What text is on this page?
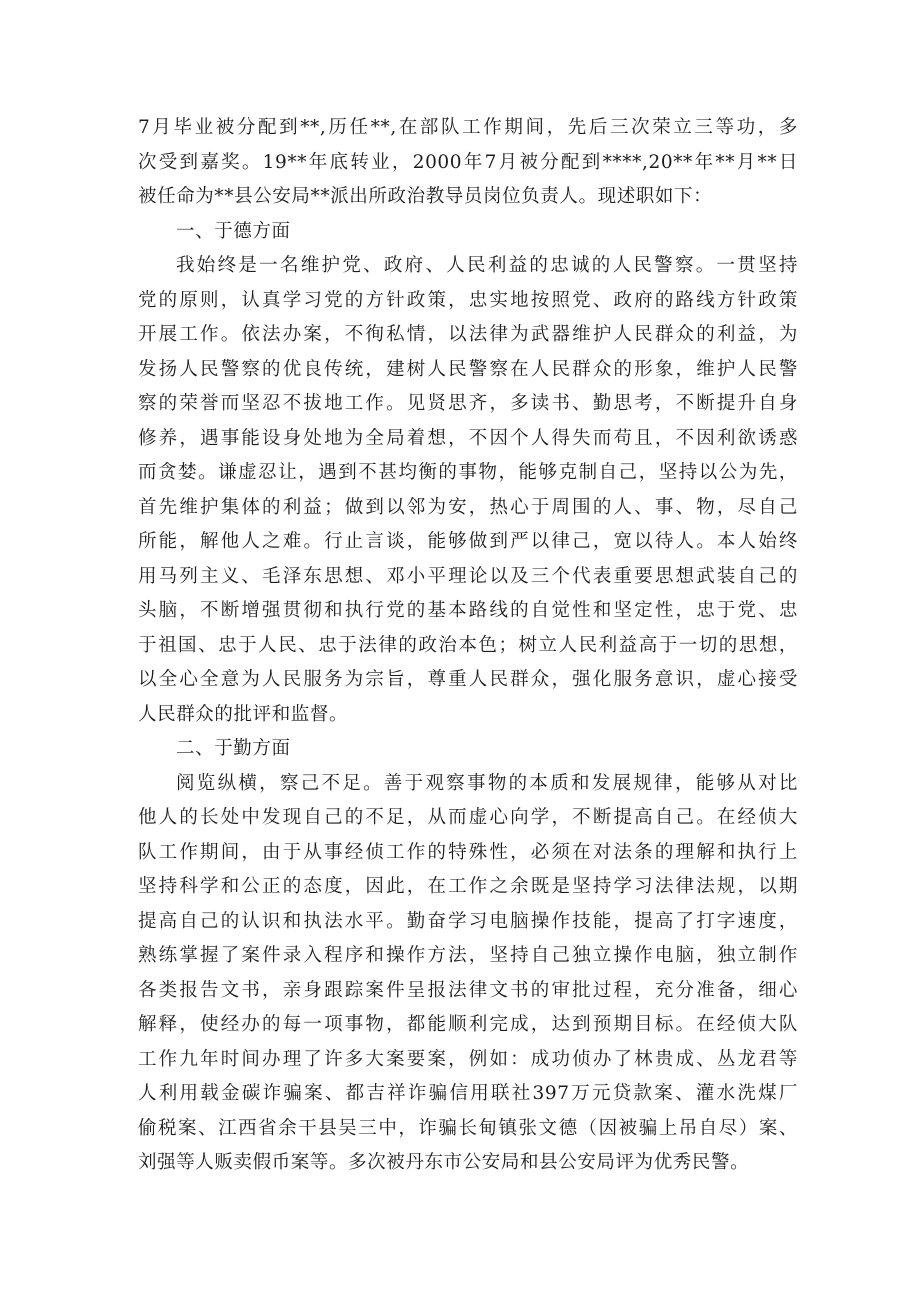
7月毕业被分配到**,历任**,在部队工作期间，先后三次荣立三等功，多
次受到嘉奖。19**年底转业，2000年7月被分配到****,20**年**月**日
被任命为**县公安局**派出所政治教导员岗位负责人。现述职如下：
一、于德方面
我始终是一名维护党、政府、人民利益的忠诚的人民警察。一贯坚持
党的原则，认真学习党的方针政策，忠实地按照党、政府的路线方针政策
开展工作。依法办案，不徇私情，以法律为武器维护人民群众的利益，为
发扬人民警察的优良传统，建树人民警察在人民群众的形象，维护人民警
察的荣誉而坚忍不拔地工作。见贤思齐，多读书、勤思考，不断提升自身
修养，遇事能设身处地为全局着想，不因个人得失而苟且，不因利欲诱惑
而贪婪。谦虚忍让，遇到不甚均衡的事物，能够克制自己，坚持以公为先，
首先维护集体的利益；做到以邻为安，热心于周围的人、事、物，尽自己
所能，解他人之难。行止言谈，能够做到严以律己，宽以待人。本人始终
用马列主义、毛泽东思想、邓小平理论以及三个代表重要思想武装自己的
头脑，不断增强贯彻和执行党的基本路线的自觉性和坚定性，忠于党、忠
于祖国、忠于人民、忠于法律的政治本色；树立人民利益高于一切的思想，
以全心全意为人民服务为宗旨，尊重人民群众，强化服务意识，虚心接受
人民群众的批评和监督。
二、于勤方面
阅览纵横，察己不足。善于观察事物的本质和发展规律，能够从对比
他人的长处中发现自己的不足，从而虚心向学，不断提高自己。在经侦大
队工作期间，由于从事经侦工作的特殊性，必须在对法条的理解和执行上
坚持科学和公正的态度，因此，在工作之余既是坚持学习法律法规，以期
提高自己的认识和执法水平。勤奋学习电脑操作技能，提高了打字速度，
熟练掌握了案件录入程序和操作方法，坚持自己独立操作电脑，独立制作
各类报告文书，亲身跟踪案件呈报法律文书的审批过程，充分准备，细心
解释，使经办的每一项事物，都能顺利完成，达到预期目标。在经侦大队
工作九年时间办理了许多大案要案，例如：成功侦办了林贵成、丛龙君等
人利用载金碳诈骗案、都吉祥诈骗信用联社397万元贷款案、灌水洗煤厂
偷税案、江西省余干县吴三中，诈骗长甸镇张文德（因被骗上吊自尽）案、
刘强等人贩卖假币案等。多次被丹东市公安局和县公安局评为优秀民警。
